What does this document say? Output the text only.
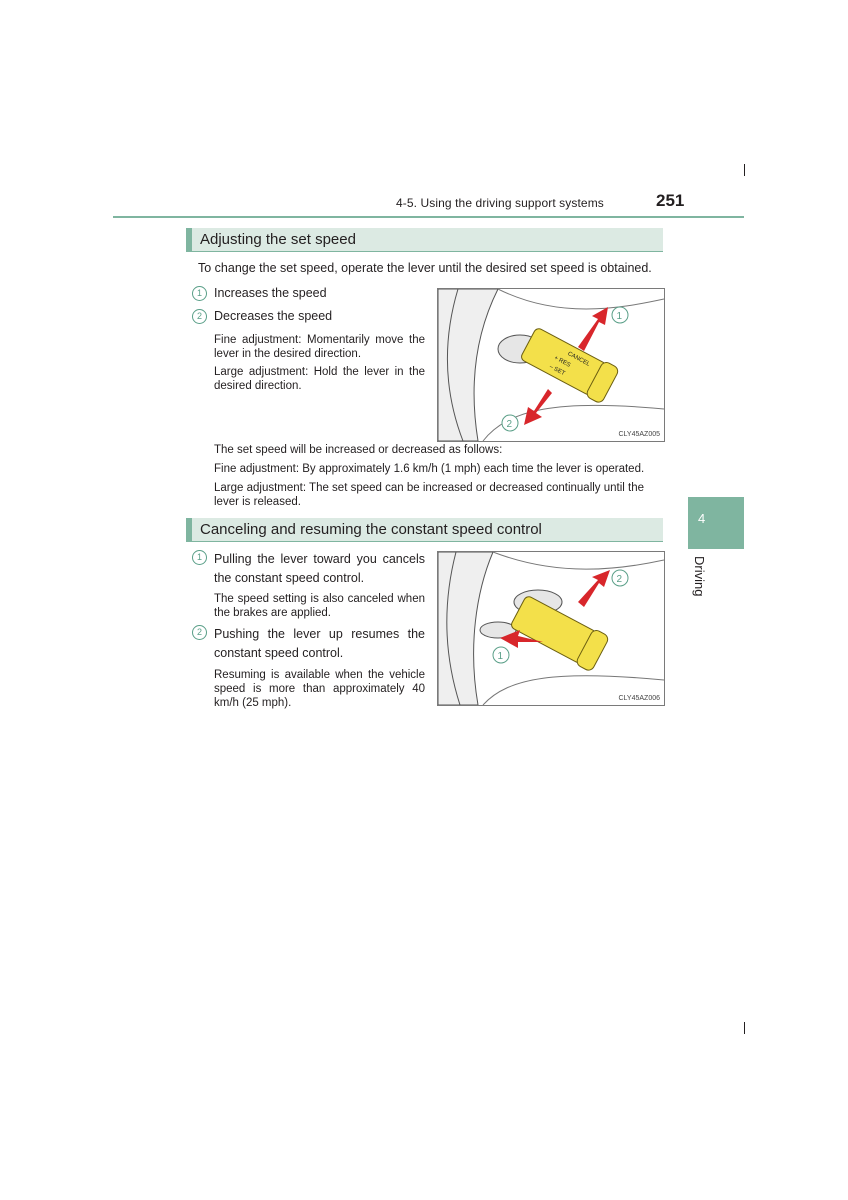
4-5. Using the driving support systems	251
4
Driving
Adjusting the set speed
To change the set speed, operate the lever until the desired set speed is obtained.
1 Increases the speed
2 Decreases the speed
Fine adjustment: Momentarily move the lever in the desired direction.
Large adjustment: Hold the lever in the desired direction.
CANCEL
+ RES
– SET
1
2
CLY45AZ005
The set speed will be increased or decreased as follows:
Fine adjustment: By approximately 1.6 km/h (1 mph) each time the lever is operated.
Large adjustment: The set speed can be increased or decreased continually until the lever is released.
Canceling and resuming the constant speed control
1 Pulling the lever toward you cancels the constant speed control.
The speed setting is also canceled when the brakes are applied.
2 Pushing the lever up resumes the constant speed control.
Resuming is available when the vehicle speed is more than approximately 40 km/h (25 mph).
2
1
CLY45AZ006
